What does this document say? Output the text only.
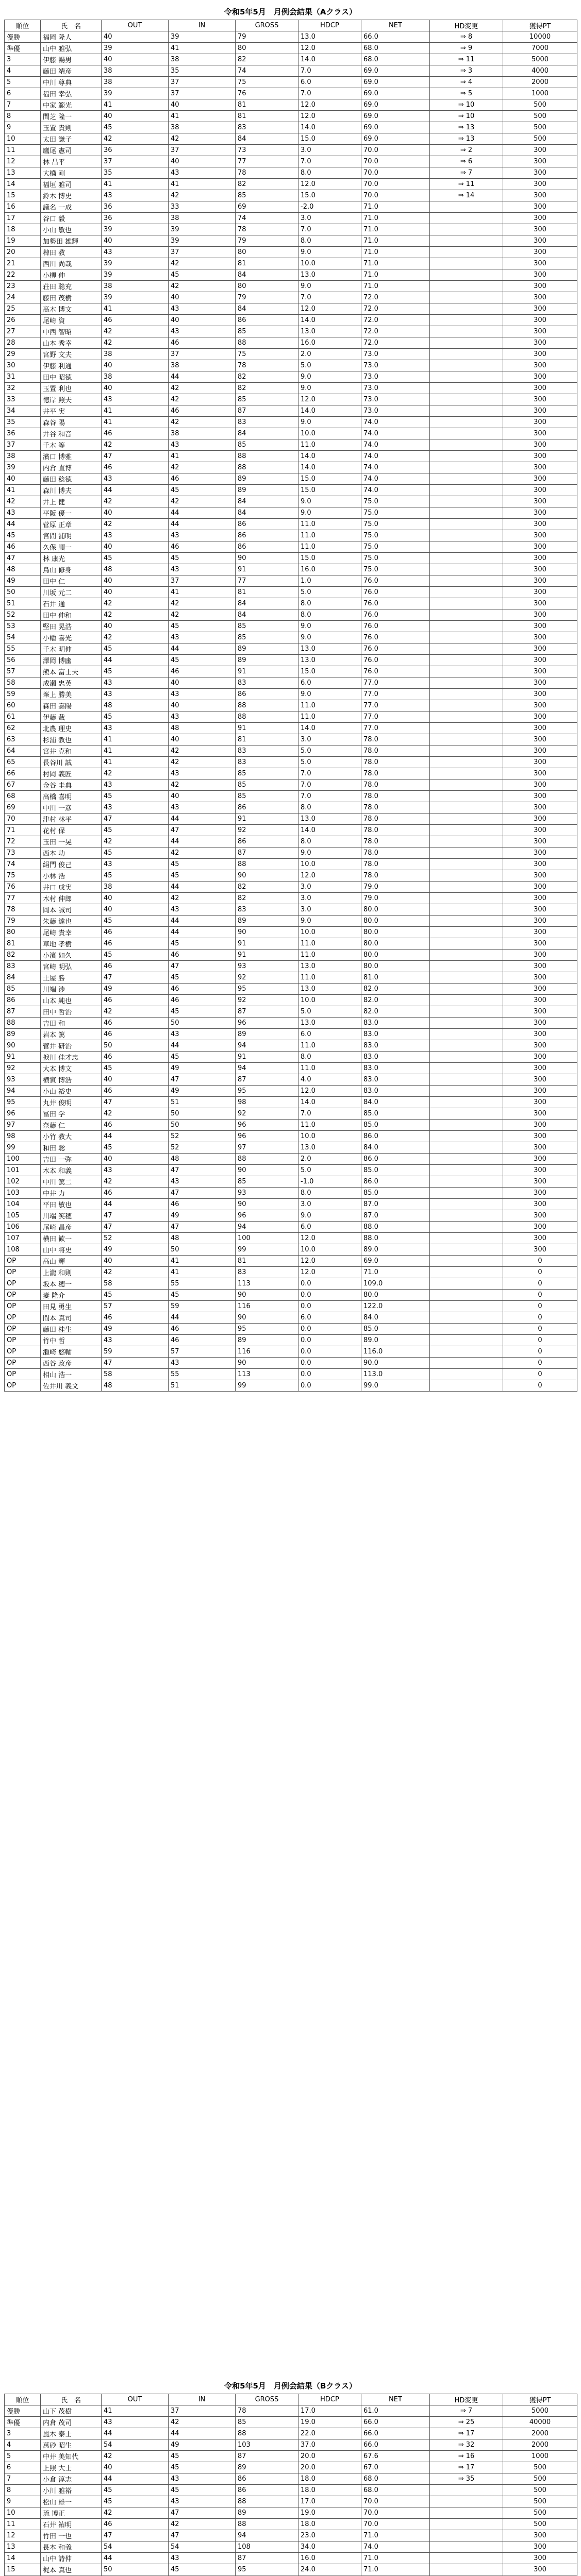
令和5年5月　月例会結果（Aクラス）
順位	氏　名	OUT	IN	GROSS	HDCP	NET	HD変更	獲得PT
優勝	福岡 隆人	40	39	79	13.0	66.0	⇒ 8	10000
準優	山中 雅弘	39	41	80	12.0	68.0	⇒ 9	7000
3	伊藤 暢男	40	38	82	14.0	68.0	⇒ 11	5000
4	藤田 靖彦	38	35	74	7.0	69.0	⇒ 3	4000
5	中川 尊典	38	37	75	6.0	69.0	⇒ 4	2000
6	福田 幸弘	39	37	76	7.0	69.0	⇒ 5	1000
7	中家 範光	41	40	81	12.0	69.0	⇒ 10	500
8	間芝 隆一	40	41	81	12.0	69.0	⇒ 10	500
9	玉置 貴則	45	38	83	14.0	69.0	⇒ 13	500
10	太田 謙子	42	42	84	15.0	69.0	⇒ 13	500
11	鷹尾 憲司	36	37	73	3.0	70.0	⇒ 2	300
12	林 昌平	37	40	77	7.0	70.0	⇒ 6	300
13	大橋 剛	35	43	78	8.0	70.0	⇒ 7	300
14	福垣 雅司	41	41	82	12.0	70.0	⇒ 11	300
15	鈴木 博史	43	42	85	15.0	70.0	⇒ 14	300
16	議名 一成	36	33	69	-2.0	71.0		300
17	谷口 毅	36	38	74	3.0	71.0		300
18	小山 敏也	39	39	78	7.0	71.0		300
19	加勢田 雄輝	40	39	79	8.0	71.0		300
20	稗田 教	43	37	80	9.0	71.0		300
21	西川 尚哉	39	42	81	10.0	71.0		300
22	小柳 伸	39	45	84	13.0	71.0		300
23	荘田 聡充	38	42	80	9.0	71.0		300
24	藤田 茂樹	39	40	79	7.0	72.0		300
25	髙木 博文	41	43	84	12.0	72.0		300
26	尾崎 資	46	40	86	14.0	72.0		300
27	中西 智昭	42	43	85	13.0	72.0		300
28	山本 秀幸	42	46	88	16.0	72.0		300
29	宮野 文夫	38	37	75	2.0	73.0		300
30	伊藤 利通	40	38	78	5.0	73.0		300
31	田中 昭徳	38	44	82	9.0	73.0		300
32	玉置 利也	40	42	82	9.0	73.0		300
33	徳岸 照夫	43	42	85	12.0	73.0		300
34	井平 実	41	46	87	14.0	73.0		300
35	森谷 陽	41	42	83	9.0	74.0		300
36	井谷 和音	46	38	84	10.0	74.0		300
37	千木 等	42	43	85	11.0	74.0		300
38	濱口 博雅	47	41	88	14.0	74.0		300
39	内倉 直博	46	42	88	14.0	74.0		300
40	藤田 稔徳	43	46	89	15.0	74.0		300
41	森川 博夫	44	45	89	15.0	74.0		300
42	井上 健	42	42	84	9.0	75.0		300
43	平阪 優一	40	44	84	9.0	75.0		300
44	菅原 正章	42	44	86	11.0	75.0		300
45	宮間 浦明	43	43	86	11.0	75.0		300
46	久保 順一	40	46	86	11.0	75.0		300
47	林 康光	45	45	90	15.0	75.0		300
48	鳥山 修身	48	43	91	16.0	75.0		300
49	田中 仁	40	37	77	1.0	76.0		300
50	川坂 元二	40	41	81	5.0	76.0		300
51	石井 通	42	42	84	8.0	76.0		300
52	田中 伸和	42	42	84	8.0	76.0		300
53	堅田 晃浩	40	45	85	9.0	76.0		300
54	小幡 喜光	42	43	85	9.0	76.0		300
55	千木 明伸	45	44	89	13.0	76.0		300
56	澤岡 博幽	44	45	89	13.0	76.0		300
57	熊本 富士夫	45	46	91	15.0	76.0		300
58	成瀬 忠英	43	40	83	6.0	77.0		300
59	峯上 勝美	43	43	86	9.0	77.0		300
60	森田 嘉陽	48	40	88	11.0	77.0		300
61	伊藤 裁	45	43	88	11.0	77.0		300
62	北農 理史	43	48	91	14.0	77.0		300
63	杉浦 教也	41	40	81	3.0	78.0		300
64	宮井 克和	41	42	83	5.0	78.0		300
65	長谷川 誠	41	42	83	5.0	78.0		300
66	村岡 義匠	42	43	85	7.0	78.0		300
67	金谷 圭典	43	42	85	7.0	78.0		300
68	高橋 喜明	45	40	85	7.0	78.0		300
69	中川 一彦	43	43	86	8.0	78.0		300
70	津村 林平	47	44	91	13.0	78.0		300
71	花村 保	45	47	92	14.0	78.0		300
72	玉田 一晃	42	44	86	8.0	78.0		300
73	西本 功	45	42	87	9.0	78.0		300
74	絹門 俊己	43	45	88	10.0	78.0		300
75	小林 浩	45	45	90	12.0	78.0		300
76	井口 成実	38	44	82	3.0	79.0		300
77	木村 伸郎	40	42	82	3.0	79.0		300
78	岡本 誠司	40	43	83	3.0	80.0		300
79	朱藤 達也	45	44	89	9.0	80.0		300
80	尾崎 貴幸	46	44	90	10.0	80.0		300
81	草地 孝樹	46	45	91	11.0	80.0		300
82	小濱 如久	45	46	91	11.0	80.0		300
83	宮崎 明弘	46	47	93	13.0	80.0		300
84	土屋 勝	47	45	92	11.0	81.0		300
85	川端 渉	49	46	95	13.0	82.0		300
86	山本 純也	46	46	92	10.0	82.0		300
87	田中 哲治	42	45	87	5.0	82.0		300
88	吉田 和	46	50	96	13.0	83.0		300
89	岩本 篤	46	43	89	6.0	83.0		300
90	菅井 研治	50	44	94	11.0	83.0		300
91	捩川 佳才忠	46	45	91	8.0	83.0		300
92	大本 博文	45	49	94	11.0	83.0		300
93	横寅 博浩	40	47	87	4.0	83.0		300
94	小山 裕史	46	49	95	12.0	83.0		300
95	丸井 俊明	47	51	98	14.0	84.0		300
96	冨田 学	42	50	92	7.0	85.0		300
97	奈藤 仁	46	50	96	11.0	85.0		300
98	小竹 教大	44	52	96	10.0	86.0		300
99	和田 聡	45	52	97	13.0	84.0		300
100	吉田 一弥	40	48	88	2.0	86.0		300
101	木本 和義	43	47	90	5.0	85.0		300
102	中川 篤二	42	43	85	-1.0	86.0		300
103	中井 力	46	47	93	8.0	85.0		300
104	平田 敏也	44	46	90	3.0	87.0		300
105	川端 笑穂	47	49	96	9.0	87.0		300
106	尾崎 昌彦	47	47	94	6.0	88.0		300
107	横田 歓一	52	48	100	12.0	88.0		300
108	山中 将史	49	50	99	10.0	89.0		300
OP	高山 輝	40	41	81	12.0	69.0		0
OP	上瀧 和則	42	41	83	12.0	71.0		0
OP	坂本 穂一	58	55	113	0.0	109.0		0
OP	妻 隆介	45	45	90	0.0	80.0		0
OP	田見 勇生	57	59	116	0.0	122.0		0
OP	間本 真司	46	44	90	6.0	84.0		0
OP	藤田 桂生	49	46	95	0.0	85.0		0
OP	竹中 哲	43	46	89	0.0	89.0		0
OP	瀬崎 悠輔	59	57	116	0.0	116.0		0
OP	西谷 政彦	47	43	90	0.0	90.0		0
OP	相山 浩一	58	55	113	0.0	113.0		0
OP	佐井川 義文	48	51	99	0.0	99.0		0
令和5年5月　月例会結果（Bクラス）
順位	氏　名	OUT	IN	GROSS	HDCP	NET	HD変更	獲得PT
優勝	山下 茂樹	41	37	78	17.0	61.0	⇒ 7	5000
準優	内倉 茂司	43	42	85	19.0	66.0	⇒ 25	40000
3	嵐木 泰士	44	44	88	22.0	66.0	⇒ 17	2000
4	萬砂 昭生	54	49	103	37.0	66.0	⇒ 32	2000
5	中井 美知代	42	45	87	20.0	67.6	⇒ 16	1000
6	上照 大士	40	45	89	20.0	67.0	⇒ 17	500
7	小倉 淳志	44	43	86	18.0	68.0	⇒ 35	500
8	小川 雅裕	45	45	86	18.0	68.0		500
9	松山 雄一	45	43	88	17.0	70.0		500
10	琉 博正	42	47	89	19.0	70.0		500
11	石井 祐明	46	42	88	18.0	70.0		500
12	竹田 一也	47	47	94	23.0	71.0		300
13	長本 和義	54	54	108	34.0	74.0		300
14	山中 詩仲	44	43	87	16.0	71.0		300
15	梶本 真也	50	45	95	24.0	71.0		300
